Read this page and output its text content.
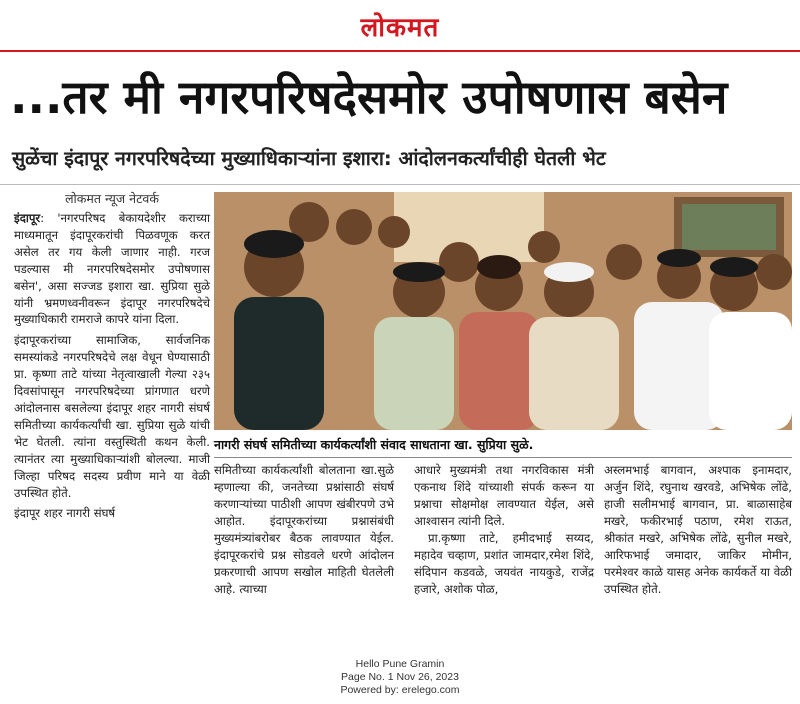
लोकमत
...तर मी नगरपरिषदेसमोर उपोषणास बसेन
सुळेंचा इंदापूर नगरपरिषदेच्या मुख्याधिकाऱ्यांना इशारा: आंदोलनकर्त्यांचीही घेतली भेट
लोकमत न्यूज नेटवर्क

इंदापूर: 'नगरपरिषद बेकायदेशीर कराच्या माध्यमातून इंदापूरकरांची पिळवणूक करत असेल तर गय केली जाणार नाही. गरज पडल्यास मी नगरपरिषदेसमोर उपोषणास बसेन', असा सज्जड इशारा खा. सुप्रिया सुळे यांनी भ्रमणध्वनीवरून इंदापूर नगरपरिषदेचे मुख्याधिकारी रामराजे कापरे यांना दिला.

इंदापूरकरांच्या सामाजिक, सार्वजनिक समस्यांकडे नगरपरिषदेचे लक्ष वेधून घेण्यासाठी प्रा. कृष्णा ताटे यांच्या नेतृत्वाखाली गेल्या २३५ दिवसांपासून नगरपरिषदेच्या प्रांगणात धरणे आंदोलनास बसलेल्या इंदापूर शहर नागरी संघर्ष समितीच्या कार्यकर्त्यांची खा. सुप्रिया सुळे यांची भेट घेतली. त्यांना वस्तुस्थिती कथन केली. त्यानंतर त्या मुख्याधिकाऱ्यांशी बोलल्या. माजी जिल्हा परिषद सदस्य प्रवीण माने या वेळी उपस्थित होते.

इंदापूर शहर नागरी संघर्ष

नागरी संघर्ष समितीच्या कार्यकर्त्यांशी संवाद साधताना खा. सुप्रिया सुळे.
समितीच्या कार्यकर्त्यांशी बोलताना खा.सुळे म्हणाल्या की, जनतेच्या प्रश्नांसाठी संघर्ष करणाऱ्यांच्या पाठीशी आपण खंबीरपणे उभे आहोत. इंदापूरकरांच्या प्रश्नासंबंधी मुख्यमंत्र्यांबरोबर बैठक लावण्यात येईल. इंदापूरकरांचे प्रश्न सोडवले धरणे आंदोलन प्रकरणाची आपण सखोल माहिती घेतलेली आहे. त्याच्या
आधारे मुख्यमंत्री तथा नगरविकास मंत्री एकनाथ शिंदे यांच्याशी संपर्क करून या प्रश्नाचा सोक्षमोक्ष लावण्यात येईल, असे आश्वासन त्यांनी दिले.
प्रा.कृष्णा ताटे, हमीदभाई सय्यद, महादेव चव्हाण, प्रशांत जामदार,रमेश शिंदे, संदिपान कडवळे, जयवंत नायकुडे, राजेंद्र हजारे, अशोक पोळ,
अस्लमभाई बागवान, अश्पाक इनामदार, अर्जुन शिंदे, रघुनाथ खरवडे, अभिषेक लोंढे, हाजी सलीमभाई बागवान, प्रा. बाळासाहेब मखरे, फकीरभाई पठाण, रमेश राऊत, श्रीकांत मखरे, अभिषेक लोंढे, सुनील मखरे, आरिफभाई जमादार, जाकिर मोमीन, परमेश्वर काळे यासह अनेक कार्यकर्ते या वेळी उपस्थित होते.
Hello Pune Gramin
Page No. 1 Nov 26, 2023
Powered by: erelego.com
